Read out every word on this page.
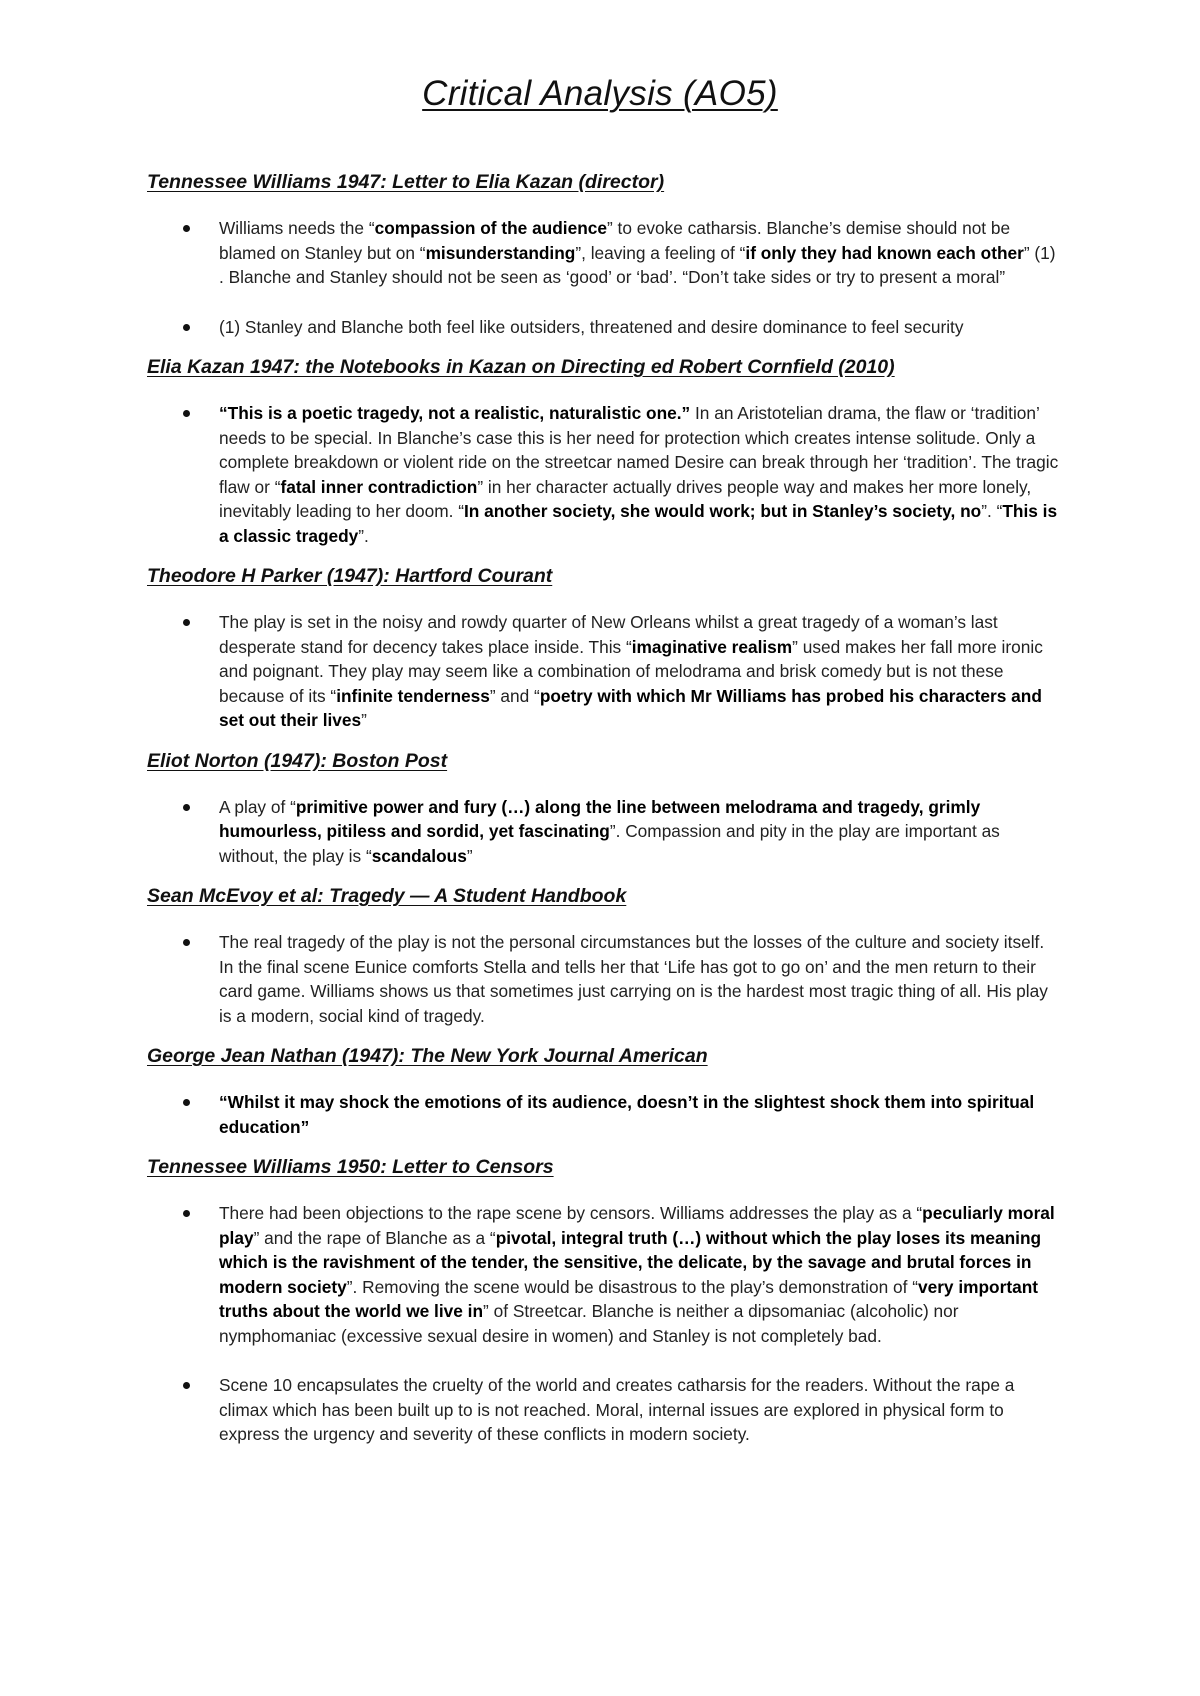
Critical Analysis (AO5)
Tennessee Williams 1947: Letter to Elia Kazan (director)
Williams needs the “compassion of the audience” to evoke catharsis. Blanche’s demise should not be blamed on Stanley but on “misunderstanding”, leaving a feeling of “if only they had known each other” (1) . Blanche and Stanley should not be seen as ‘good’ or ‘bad’. “Don’t take sides or try to present a moral”
(1) Stanley and Blanche both feel like outsiders, threatened and desire dominance to feel security
Elia Kazan 1947: the Notebooks in Kazan on Directing ed Robert Cornfield (2010)
“This is a poetic tragedy, not a realistic, naturalistic one.” In an Aristotelian drama, the flaw or ‘tradition’ needs to be special. In Blanche’s case this is her need for protection which creates intense solitude. Only a complete breakdown or violent ride on the streetcar named Desire can break through her ‘tradition’. The tragic flaw or “fatal inner contradiction” in her character actually drives people way and makes her more lonely, inevitably leading to her doom. “In another society, she would work; but in Stanley’s society, no”. “This is a classic tragedy”.
Theodore H Parker (1947): Hartford Courant
The play is set in the noisy and rowdy quarter of New Orleans whilst a great tragedy of a woman’s last desperate stand for decency takes place inside. This “imaginative realism” used makes her fall more ironic and poignant. They play may seem like a combination of melodrama and brisk comedy but is not these because of its “infinite tenderness” and “poetry with which Mr Williams has probed his characters and set out their lives”
Eliot Norton (1947): Boston Post
A play of “primitive power and fury (…) along the line between melodrama and tragedy, grimly humourless, pitiless and sordid, yet fascinating”. Compassion and pity in the play are important as without, the play is “scandalous”
Sean McEvoy et al: Tragedy — A Student Handbook
The real tragedy of the play is not the personal circumstances but the losses of the culture and society itself. In the final scene Eunice comforts Stella and tells her that ‘Life has got to go on’ and the men return to their card game. Williams shows us that sometimes just carrying on is the hardest most tragic thing of all. His play is a modern, social kind of tragedy.
George Jean Nathan (1947): The New York Journal American
“Whilst it may shock the emotions of its audience, doesn’t in the slightest shock them into spiritual education”
Tennessee Williams 1950: Letter to Censors
There had been objections to the rape scene by censors. Williams addresses the play as a “peculiarly moral play” and the rape of Blanche as a “pivotal, integral truth (…) without which the play loses its meaning which is the ravishment of the tender, the sensitive, the delicate, by the savage and brutal forces in modern society”. Removing the scene would be disastrous to the play’s demonstration of “very important truths about the world we live in” of Streetcar. Blanche is neither a dipsomaniac (alcoholic) nor nymphomaniac (excessive sexual desire in women) and Stanley is not completely bad.
Scene 10 encapsulates the cruelty of the world and creates catharsis for the readers. Without the rape a climax which has been built up to is not reached. Moral, internal issues are explored in physical form to express the urgency and severity of these conflicts in modern society.
